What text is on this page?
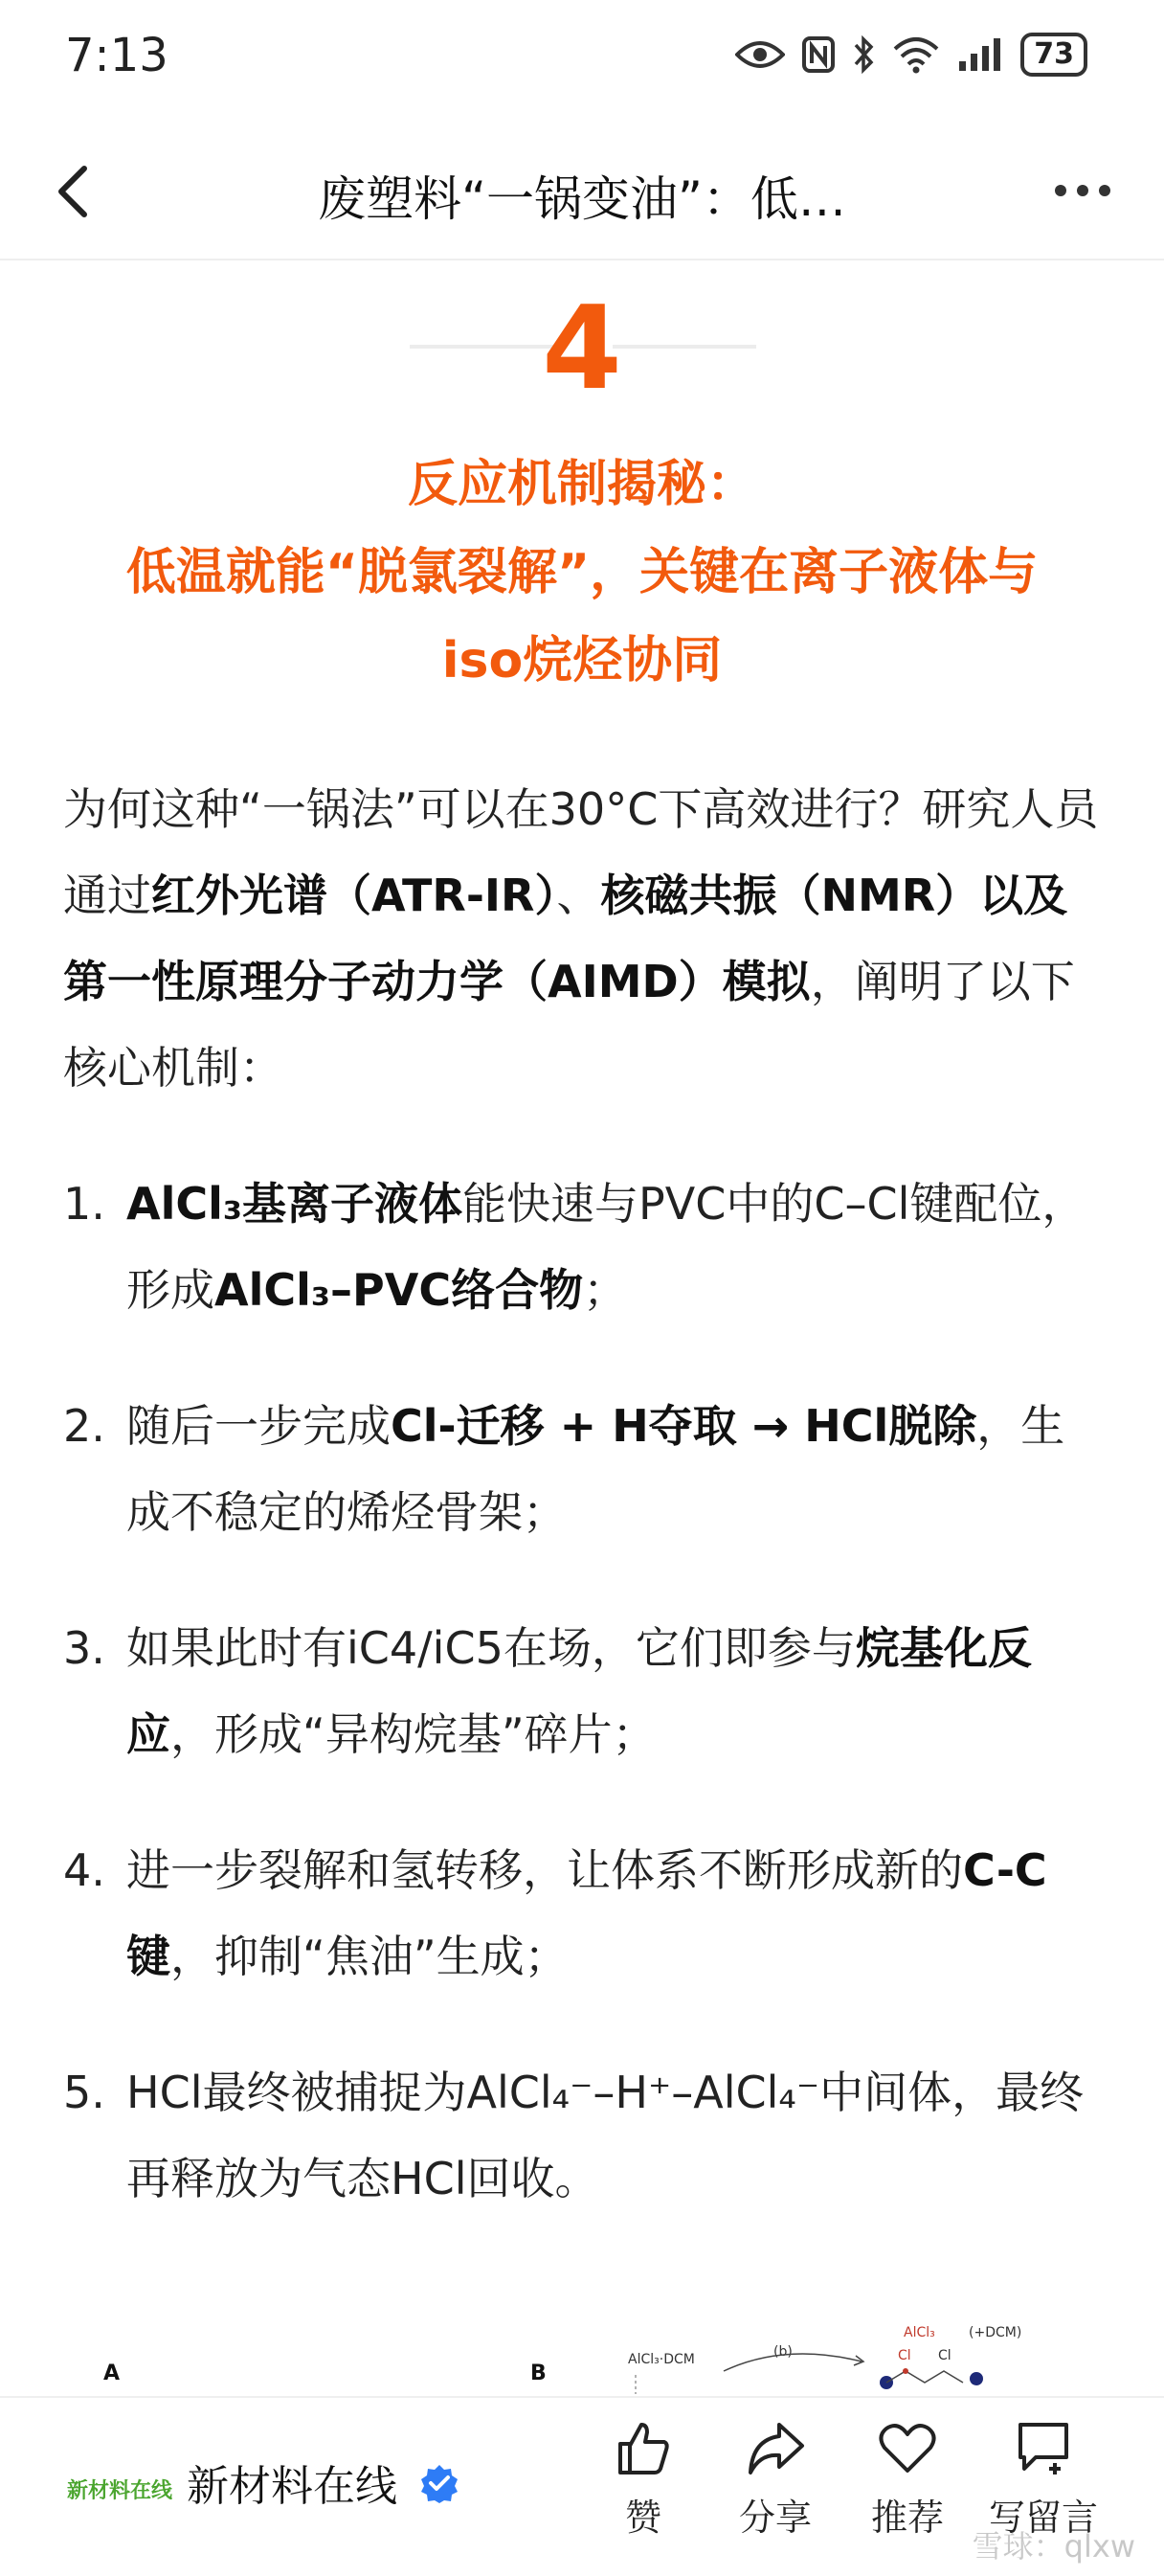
7:13	73
废塑料“一锅变油”：低…
4
反应机制揭秘：
低温就能“脱氯裂解”，关键在离子液体与
iso烷烃协同

为何这种“一锅法”可以在30°C下高效进行？研究人员通过红外光谱（ATR-IR）、核磁共振（NMR）以及第一性原理分子动力学（AIMD）模拟，阐明了以下核心机制：

1. AlCl₃基离子液体能快速与PVC中的C–Cl键配位，形成AlCl₃–PVC络合物；
2. 随后一步完成Cl-迁移 + H夺取 → HCl脱除，生成不稳定的烯烃骨架；
3. 如果此时有iC4/iC5在场，它们即参与烷基化反应，形成“异构烷基”碎片；
4. 进一步裂解和氢转移，让体系不断形成新的C-C键，抑制“焦油”生成；
5. HCl最终被捕捉为AlCl₄⁻–H⁺–AlCl₄⁻中间体，最终再释放为气态HCl回收。
A	B
AlCl₃·DCM	(b)
AlCl₃	(+DCM)
Cl Cl
新材料在线 新材料在线
赞	分享	推荐	写留言
雪球：qlxw
